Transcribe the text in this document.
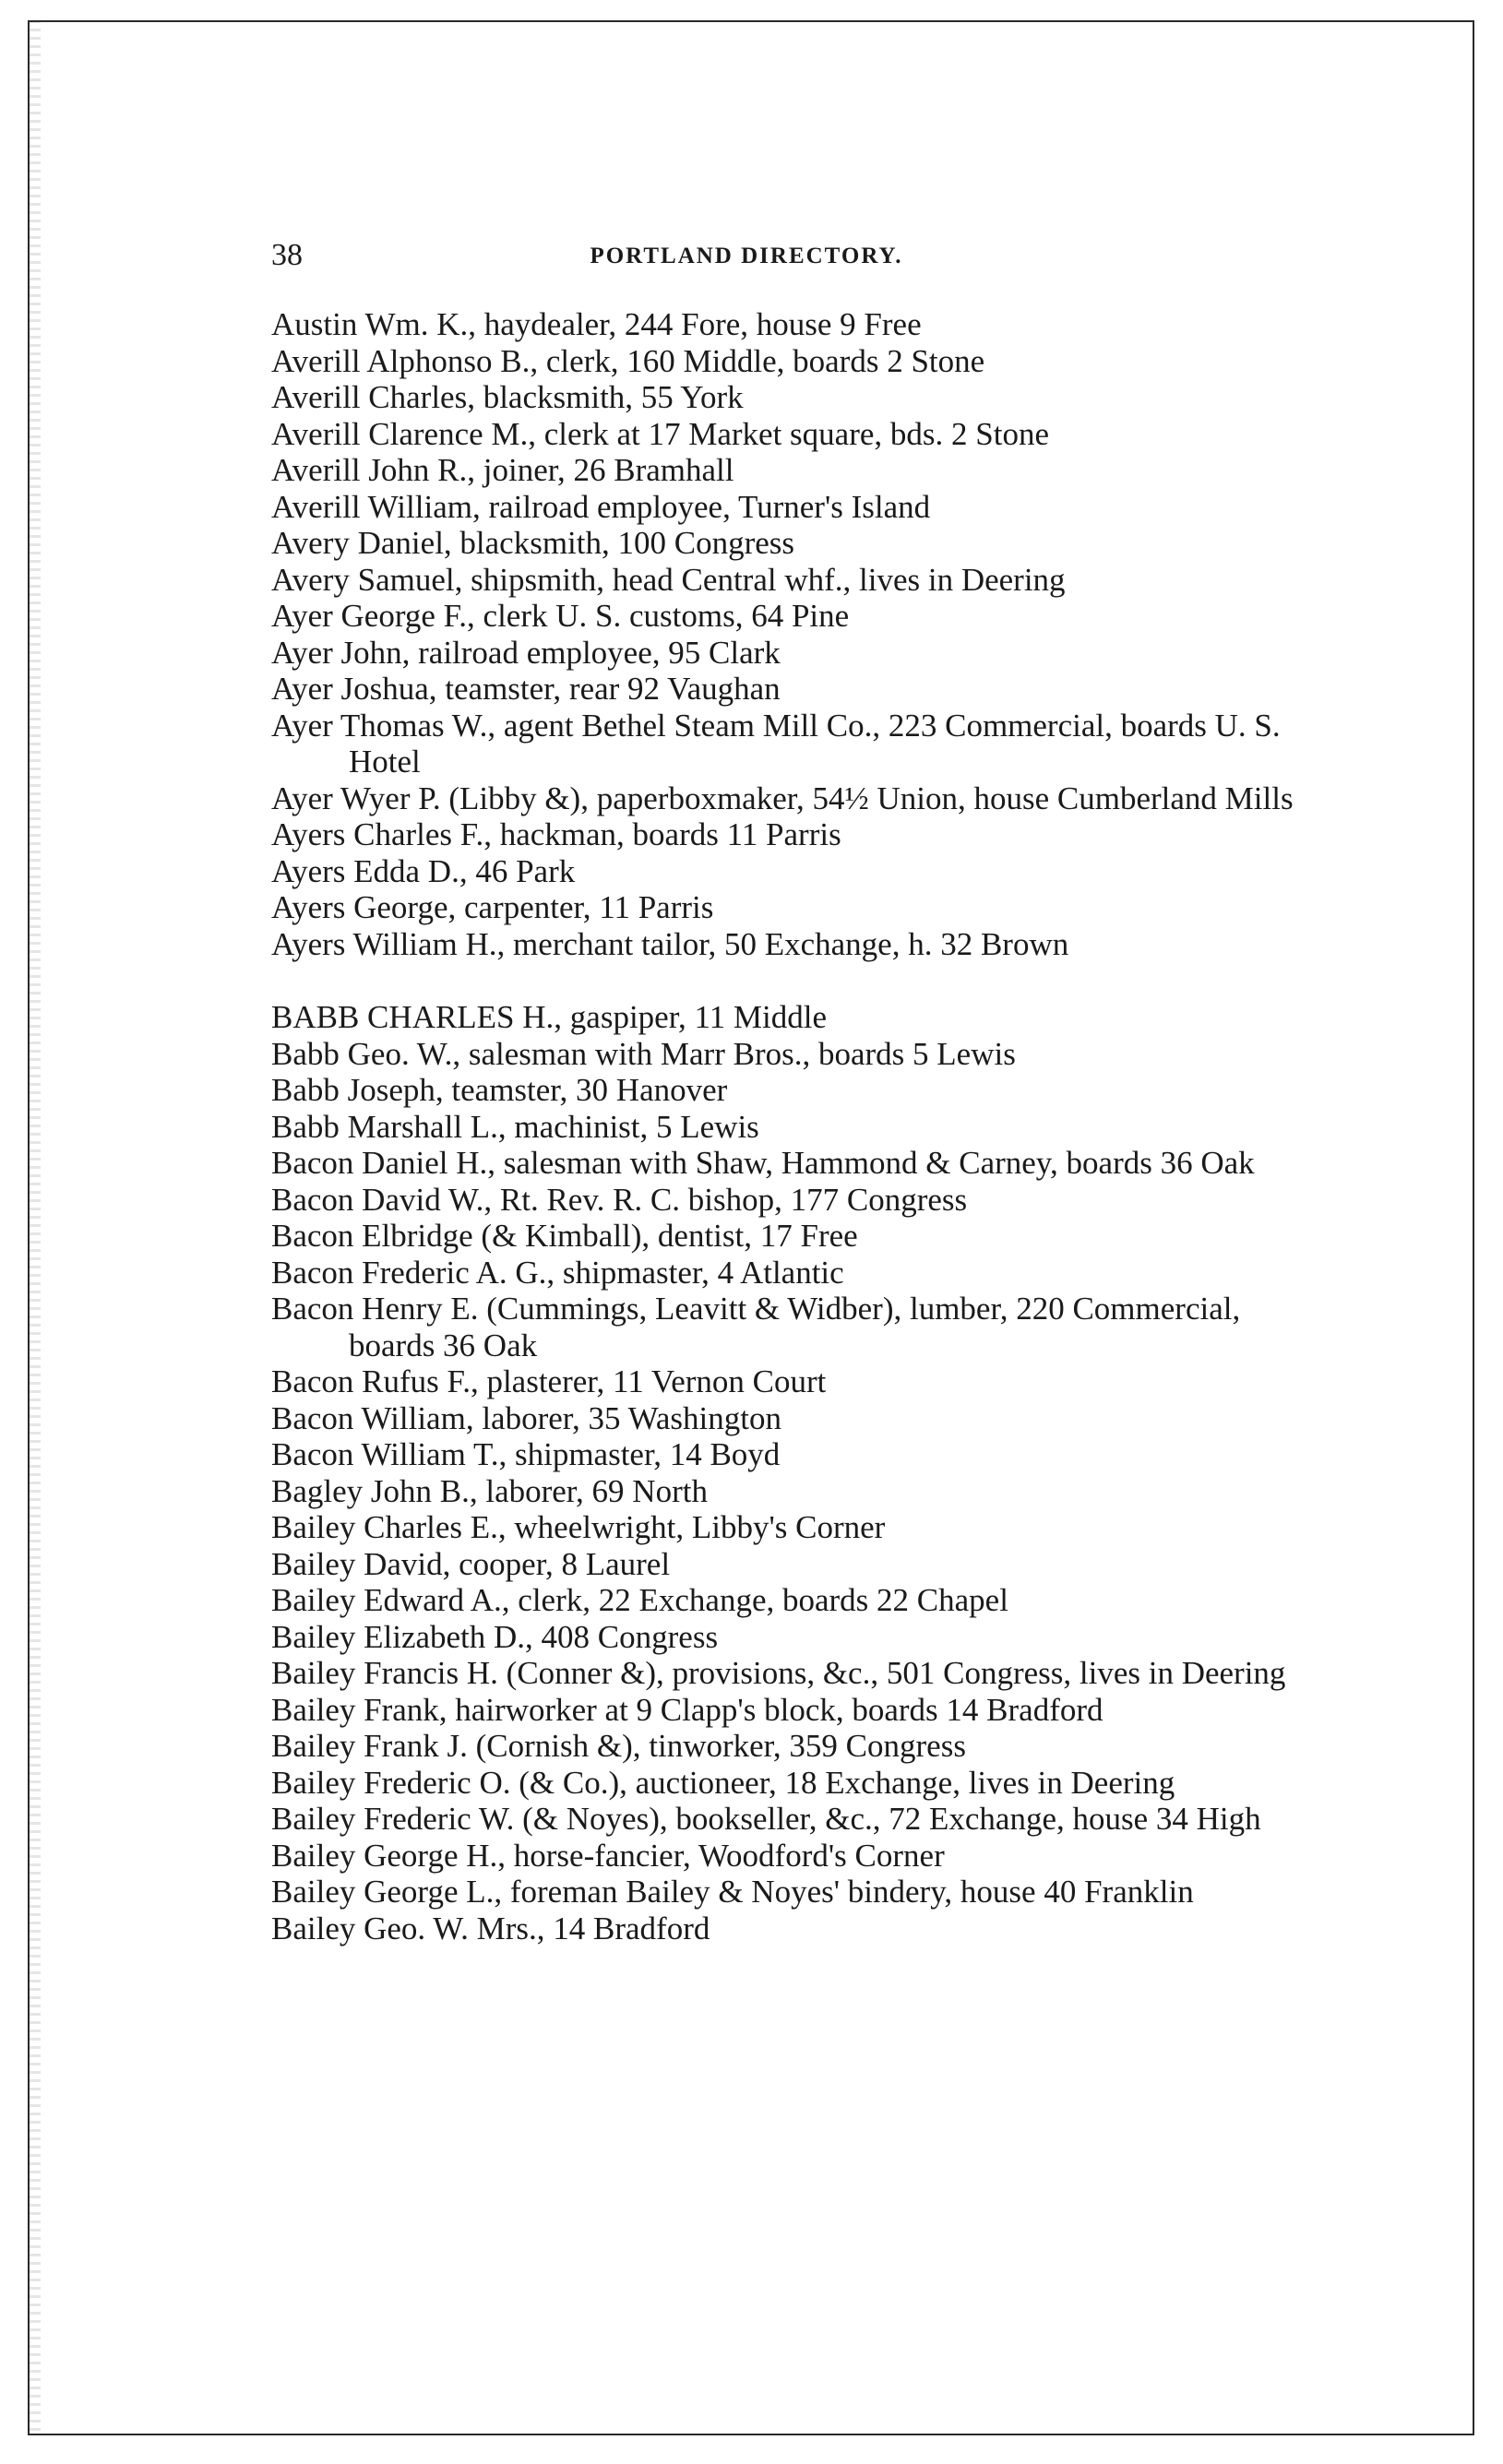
38	PORTLAND DIRECTORY.

Austin Wm. K., haydealer, 244 Fore, house 9 Free

Averill Alphonso B., clerk, 160 Middle, boards 2 Stone

Averill Charles, blacksmith, 55 York

Averill Clarence M., clerk at 17 Market square, bds. 2 Stone

Averill John R., joiner, 26 Bramhall

Averill William, railroad employee, Turner's Island

Avery Daniel, blacksmith, 100 Congress

Avery Samuel, shipsmith, head Central whf., lives in Deering

Ayer George F., clerk U. S. customs, 64 Pine

Ayer John, railroad employee, 95 Clark

Ayer Joshua, teamster, rear 92 Vaughan

Ayer Thomas W., agent Bethel Steam Mill Co., 223 Commercial, boards U. S. Hotel

Ayer Wyer P. (Libby &), paperboxmaker, 54½ Union, house Cumberland Mills

Ayers Charles F., hackman, boards 11 Parris

Ayers Edda D., 46 Park

Ayers George, carpenter, 11 Parris

Ayers William H., merchant tailor, 50 Exchange, h. 32 Brown

BABB CHARLES H., gaspiper, 11 Middle

Babb Geo. W., salesman with Marr Bros., boards 5 Lewis

Babb Joseph, teamster, 30 Hanover

Babb Marshall L., machinist, 5 Lewis

Bacon Daniel H., salesman with Shaw, Hammond & Carney, boards 36 Oak

Bacon David W., Rt. Rev. R. C. bishop, 177 Congress

Bacon Elbridge (& Kimball), dentist, 17 Free

Bacon Frederic A. G., shipmaster, 4 Atlantic

Bacon Henry E. (Cummings, Leavitt & Widber), lumber, 220 Commercial, boards 36 Oak

Bacon Rufus F., plasterer, 11 Vernon Court

Bacon William, laborer, 35 Washington

Bacon William T., shipmaster, 14 Boyd

Bagley John B., laborer, 69 North

Bailey Charles E., wheelwright, Libby's Corner

Bailey David, cooper, 8 Laurel

Bailey Edward A., clerk, 22 Exchange, boards 22 Chapel

Bailey Elizabeth D., 408 Congress

Bailey Francis H. (Conner &), provisions, &c., 501 Congress, lives in Deering

Bailey Frank, hairworker at 9 Clapp's block, boards 14 Bradford

Bailey Frank J. (Cornish &), tinworker, 359 Congress

Bailey Frederic O. (& Co.), auctioneer, 18 Exchange, lives in Deering

Bailey Frederic W. (& Noyes), bookseller, &c., 72 Exchange, house 34 High

Bailey George H., horse-fancier, Woodford's Corner

Bailey George L., foreman Bailey & Noyes' bindery, house 40 Franklin

Bailey Geo. W. Mrs., 14 Bradford
